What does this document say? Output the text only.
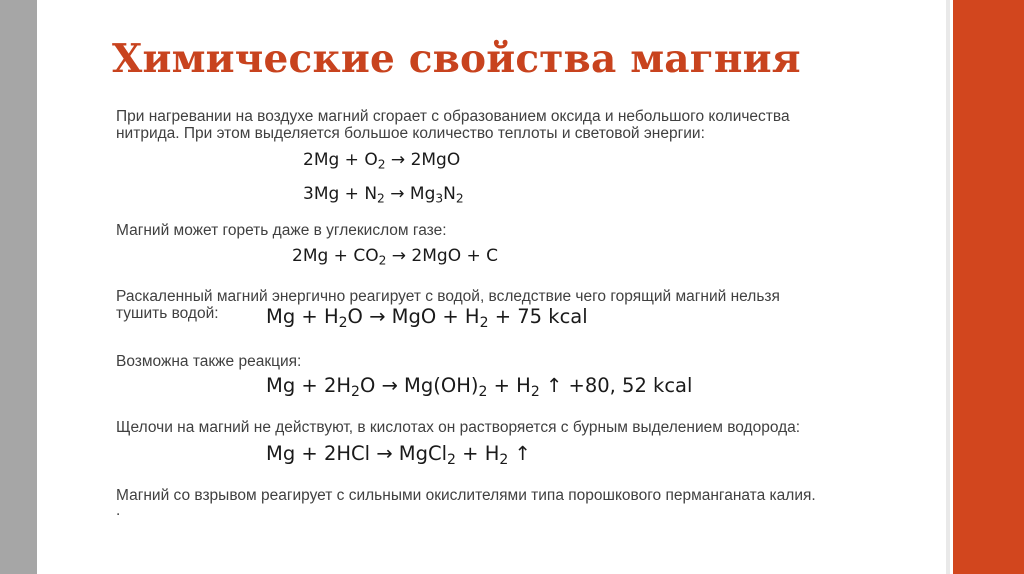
Химические свойства магния
При нагревании на воздухе магний сгорает с образованием оксида и небольшого количества
нитрида. При этом выделяется большое количество теплоты и световой энергии:
$2Mg + O_2 \to 2MgO$
$3Mg + N_2 \to Mg_3N_2$
Магний может гореть даже в углекислом газе:
$2Mg + CO_2 \to 2MgO + C$
Раскаленный магний энергично реагирует с водой, вследствие чего горящий магний нельзя
тушить водой: $Mg + H_2O$ → MgO + $H_2 + 75$ kcal
Возможна также реакция:
$Mg + 2H_2O \to Mg(OH)_2 + H_2$ ↑ +80, 52 kcal
Щелочи на магний не действуют, в кислотах он растворяется с бурным выделением водорода:
Mg + 2HCl → MgCl$_2$ + $H_2$ ↑
Магний со взрывом реагирует с сильными окислителями типа порошкового перманганата калия.
.
